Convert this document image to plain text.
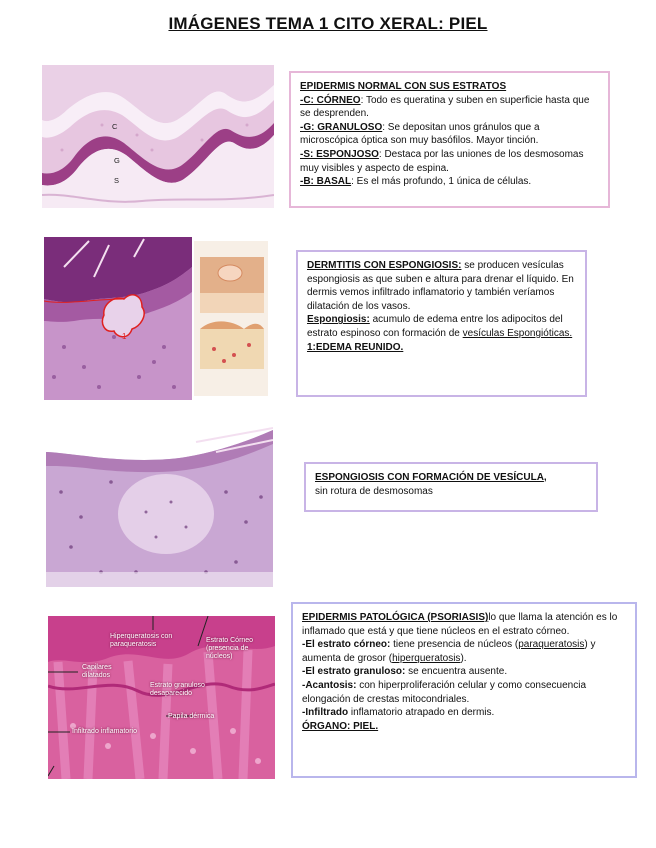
IMÁGENES TEMA 1 CITO XERAL: PIEL
C
G
S
EPIDERMIS NORMAL CON SUS ESTRATOS
-C: CÓRNEO: Todo es queratina y suben en superficie hasta que se desprenden.
-G: GRANULOSO: Se depositan unos gránulos que a microscópica óptica son muy basófilos. Mayor tinción.
-S: ESPONJOSO: Destaca por las uniones de los desmosomas muy visibles y aspecto de espina.
-B: BASAL: Es el más profundo, 1 única de células.
1
DERMTITIS CON ESPONGIOSIS: se producen vesículas espongiosis as que suben e altura para drenar el líquido. En dermis vemos infiltrado inflamatorio y también veríamos dilatación de los vasos.
Espongiosis: acumulo de edema entre los adipocitos del estrato espinoso con formación de vesículas Espongióticas.
1:EDEMA REUNIDO.
ESPONGIOSIS CON FORMACIÓN DE VESÍCULA,
sin rotura de desmosomas
Hiperqueratosis con paraqueratosis
Estrato Córneo (presencia de núcleos)
Capilares dilatados
Estrato granuloso desaparecido
Papila dérmica
Infiltrado inflamatorio
EPIDERMIS PATOLÓGICA (PSORIASIS)lo que llama la atención es lo inflamado que está y que tiene núcleos en el estrato córneo.
-El estrato córneo: tiene presencia de núcleos (paraqueratosis) y aumenta de grosor (hiperqueratosis).
-El estrato granuloso: se encuentra ausente.
-Acantosis: con hiperproliferación celular y como consecuencia elongación de crestas mitocondriales.
-Infiltrado inflamatorio atrapado en dermis.
ÓRGANO: PIEL.
